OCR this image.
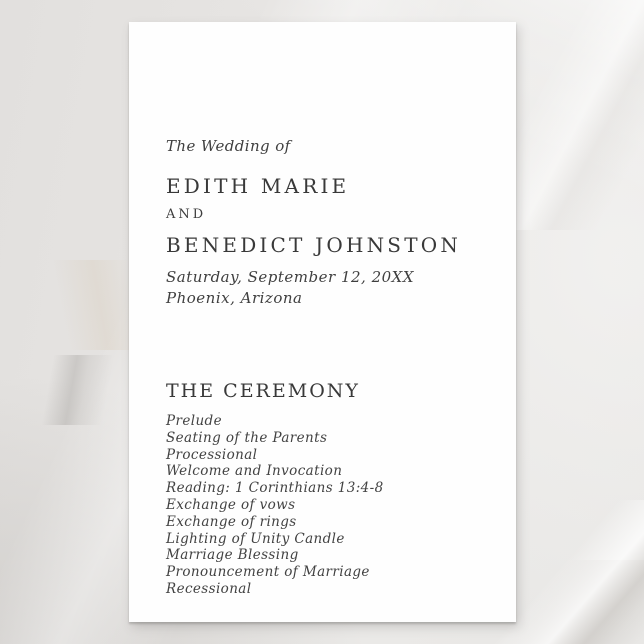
The Wedding of
EDITH MARIE
AND
BENEDICT JOHNSTON
Saturday, September 12, 20XX
Phoenix, Arizona
THE CEREMONY
Prelude
Seating of the Parents
Processional
Welcome and Invocation
Reading: 1 Corinthians 13:4-8
Exchange of vows
Exchange of rings
Lighting of Unity Candle
Marriage Blessing
Pronouncement of Marriage
Recessional
